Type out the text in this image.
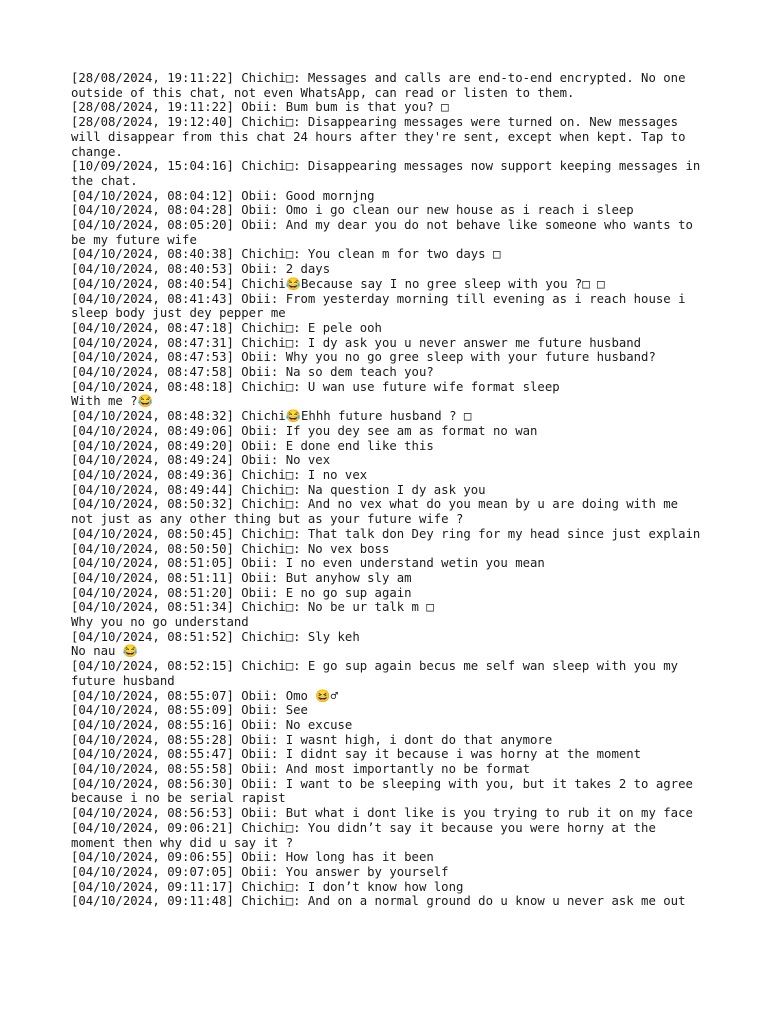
[28/08/2024, 19:11:22] Chichi□: Messages and calls are end-to-end encrypted. No one outside of this chat, not even WhatsApp, can read or listen to them.
[28/08/2024, 19:11:22] Obii: Bum bum is that you? □
[28/08/2024, 19:12:40] Chichi□: Disappearing messages were turned on. New messages will disappear from this chat 24 hours after they're sent, except when kept. Tap to change.
[10/09/2024, 15:04:16] Chichi□: Disappearing messages now support keeping messages in the chat.
[04/10/2024, 08:04:12] Obii: Good mornjng
[04/10/2024, 08:04:28] Obii: Omo i go clean our new house as i reach i sleep
[04/10/2024, 08:05:20] Obii: And my dear you do not behave like someone who wants to be my future wife
[04/10/2024, 08:40:38] Chichi□: You clean m for two days □
[04/10/2024, 08:40:53] Obii: 2 days
[04/10/2024, 08:40:54] Chichi😂Because say I no gree sleep with you ?□ □
[04/10/2024, 08:41:43] Obii: From yesterday morning till evening as i reach house i sleep body just dey pepper me
[04/10/2024, 08:47:18] Chichi□: E pele ooh
[04/10/2024, 08:47:31] Chichi□: I dy ask you u never answer me future husband
[04/10/2024, 08:47:53] Obii: Why you no go gree sleep with your future husband?
[04/10/2024, 08:47:58] Obii: Na so dem teach you?
[04/10/2024, 08:48:18] Chichi□: U wan use future wife format sleep
With me ?😂
[04/10/2024, 08:48:32] Chichi😂Ehhh future husband ? □
[04/10/2024, 08:49:06] Obii: If you dey see am as format no wan
[04/10/2024, 08:49:20] Obii: E done end like this
[04/10/2024, 08:49:24] Obii: No vex
[04/10/2024, 08:49:36] Chichi□: I no vex
[04/10/2024, 08:49:44] Chichi□: Na question I dy ask you
[04/10/2024, 08:50:32] Chichi□: And no vex what do you mean by u are doing with me not just as any other thing but as your future wife ?
[04/10/2024, 08:50:45] Chichi□: That talk don Dey ring for my head since just explain
[04/10/2024, 08:50:50] Chichi□: No vex boss
[04/10/2024, 08:51:05] Obii: I no even understand wetin you mean
[04/10/2024, 08:51:11] Obii: But anyhow sly am
[04/10/2024, 08:51:20] Obii: E no go sup again
[04/10/2024, 08:51:34] Chichi□: No be ur talk m □
Why you no go understand
[04/10/2024, 08:51:52] Chichi□: Sly keh
No nau 😂
[04/10/2024, 08:52:15] Chichi□: E go sup again becus me self wan sleep with you my future husband
[04/10/2024, 08:55:07] Obii: Omo 😆♂
[04/10/2024, 08:55:09] Obii: See
[04/10/2024, 08:55:16] Obii: No excuse
[04/10/2024, 08:55:28] Obii: I wasnt high, i dont do that anymore
[04/10/2024, 08:55:47] Obii: I didnt say it because i was horny at the moment
[04/10/2024, 08:55:58] Obii: And most importantly no be format
[04/10/2024, 08:56:30] Obii: I want to be sleeping with you, but it takes 2 to agree because i no be serial rapist
[04/10/2024, 08:56:53] Obii: But what i dont like is you trying to rub it on my face
[04/10/2024, 09:06:21] Chichi□: You didn’t say it because you were horny at the moment then why did u say it ?
[04/10/2024, 09:06:55] Obii: How long has it been
[04/10/2024, 09:07:05] Obii: You answer by yourself
[04/10/2024, 09:11:17] Chichi□: I don’t know how long
[04/10/2024, 09:11:48] Chichi□: And on a normal ground do u know u never ask me out
